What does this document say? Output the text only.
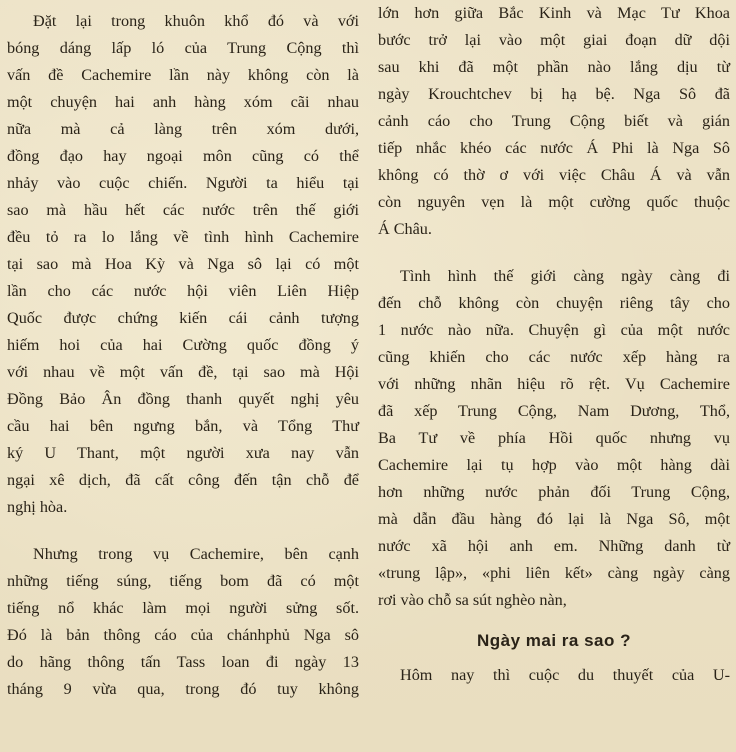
Đặt lại trong khuôn khổ đó và với
bóng dáng lấp ló của Trung Cộng thì
vấn đề Cachemire lần này không còn là
một chuyện hai anh hàng xóm cãi nhau
nữa mà cả làng trên xóm dưới,
đồng đạo hay ngoại môn cũng có thể
nhảy vào cuộc chiến. Người ta hiểu tại
sao mà hầu hết các nước trên thế giới
đều tỏ ra lo lắng về tình hình Cachemire
tại sao mà Hoa Kỳ và Nga sô lại có một
lần cho các nước hội viên Liên Hiệp
Quốc được chứng kiến cái cảnh tượng
hiếm hoi của hai Cường quốc đồng ý
với nhau về một vấn đề, tại sao mà Hội
Đồng Bảo Ân đồng thanh quyết nghị yêu
cầu hai bên ngưng bắn, và Tổng Thư
ký U Thant, một người xưa nay vẫn
ngại xê dịch, đã cất công đến tận chỗ để
nghị hòa.
Nhưng trong vụ Cachemire, bên cạnh
những tiếng súng, tiếng bom đã có một
tiếng nổ khác làm mọi người sửng sốt.
Đó là bản thông cáo của chánhphủ Nga sô
do hãng thông tấn Tass loan đi ngày 13
tháng 9 vừa qua, trong đó tuy không
lớn hơn giữa Bắc Kinh và Mạc Tư Khoa
bước trở lại vào một giai đoạn dữ dội
sau khi đã một phần nào lắng dịu từ
ngày Krouchtchev bị hạ bệ. Nga Sô đã
cảnh cáo cho Trung Cộng biết và gián
tiếp nhắc khéo các nước Á Phi là Nga Sô
không có thờ ơ với việc Châu Á và vẫn
còn nguyên vẹn là một cường quốc thuộc
Á Châu.
Tình hình thế giới càng ngày càng đi
đến chỗ không còn chuyện riêng tây cho
1 nước nào nữa. Chuyện gì của một nước
cũng khiến cho các nước xếp hàng ra
với những nhãn hiệu rõ rệt. Vụ Cachemire
đã xếp Trung Cộng, Nam Dương, Thổ,
Ba Tư về phía Hồi quốc nhưng vụ
Cachemire lại tụ hợp vào một hàng dài
hơn những nước phản đối Trung Cộng,
mà dẫn đầu hàng đó lại là Nga Sô, một
nước xã hội anh em. Những danh từ
«trung lập», «phi liên kết» càng ngày càng
rơi vào chỗ sa sút nghèo nàn,
Ngày mai ra sao ?
Hôm nay thì cuộc du thuyết của U-
